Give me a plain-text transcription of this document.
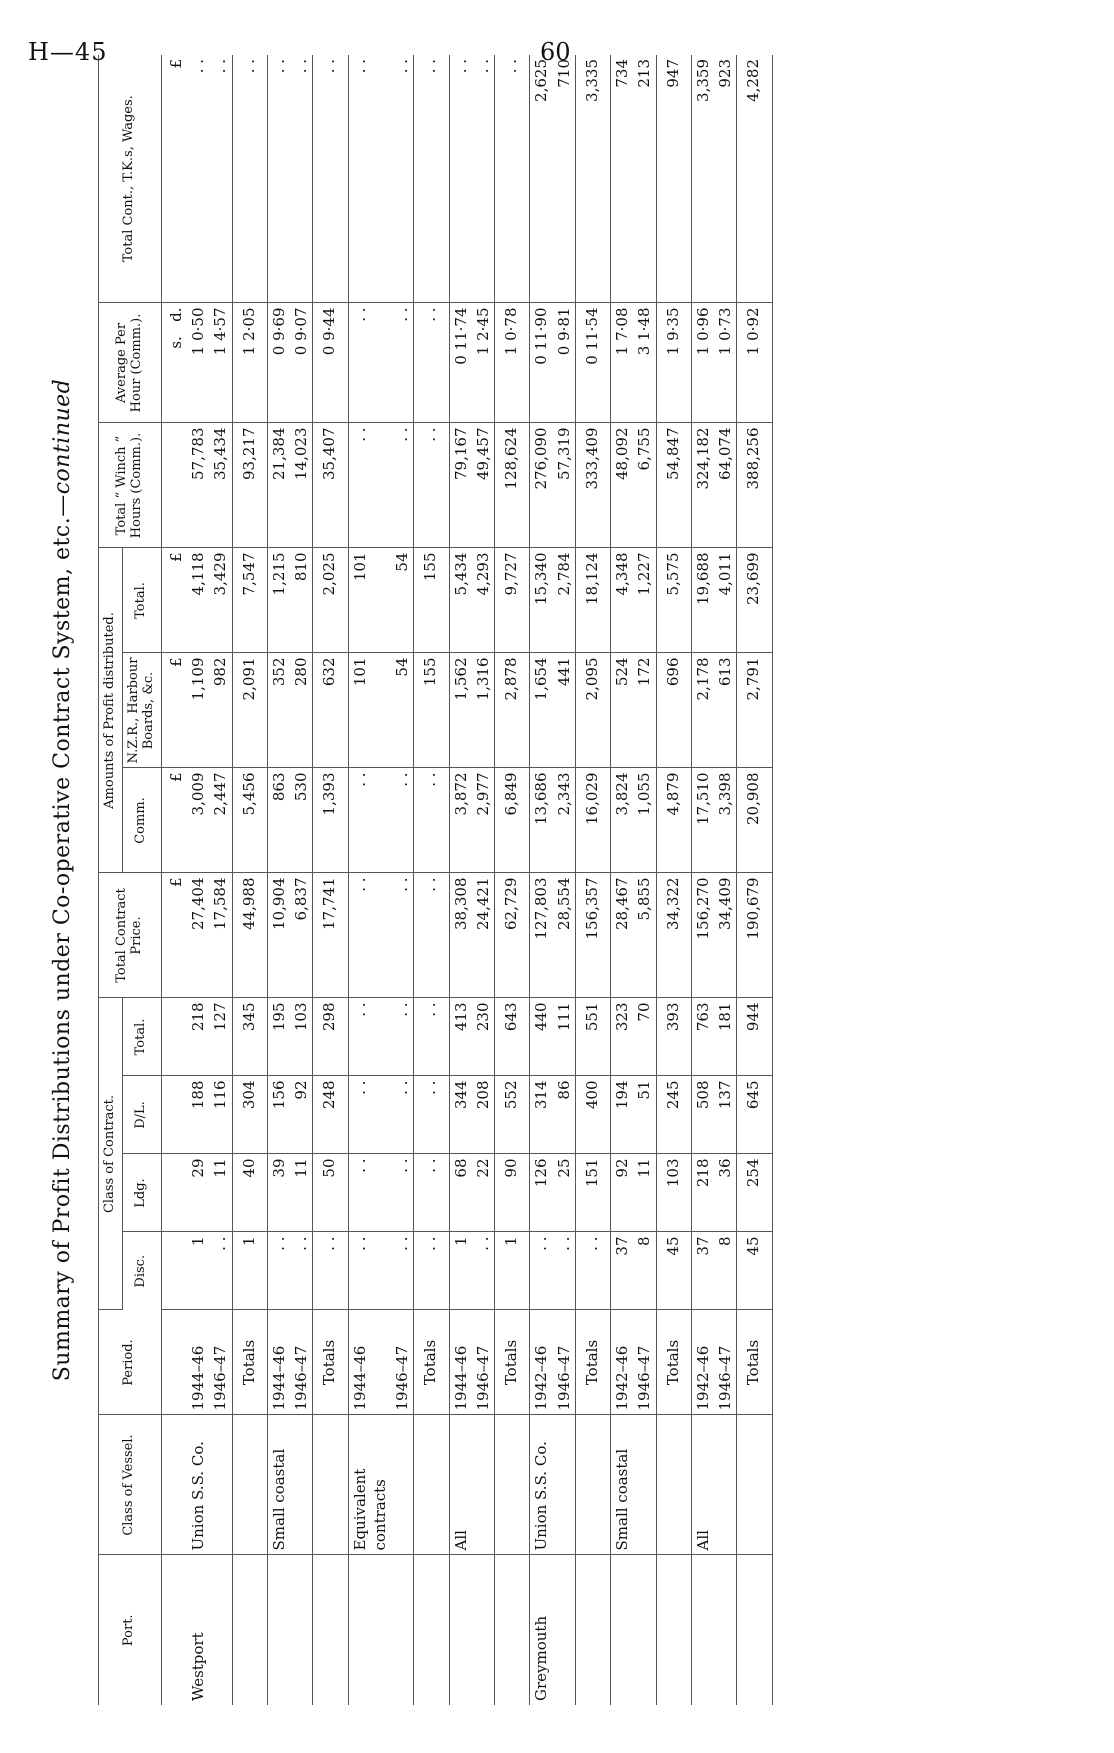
H—45	60
Summary of Profit Distributions under Co-operative Contract System, etc.—continued
Port.	Class of Vessel.	Period.	Class of Contract.				Total Contract Price.	Amounts of Profit distributed.			Total “ Winch ” Hours (Comm.).	Average Per Hour (Comm.).	Total Cont., T.K.s, Wages.
			Disc.	Ldg.	D/L.	Total.		Comm.	N.Z.R., Harbour Boards, &c.	Total.			
							£	£	£	£		s.   d.	£
Westport	Union S.S. Co.	1944–46	1	29	188	218	27,404	3,009	1,109	4,118	57,783	1 0·50	. .
		1946–47	. .	11	116	127	17,584	2,447	982	3,429	35,434	1 4·57	. .
		Totals	1	40	304	345	44,988	5,456	2,091	7,547	93,217	1 2·05	. .
	Small coastal	1944–46	. .	39	156	195	10,904	863	352	1,215	21,384	0 9·69	. .
		1946–47	. .	11	92	103	6,837	530	280	810	14,023	0 9·07	. .
		Totals	. .	50	248	298	17,741	1,393	632	2,025	35,407	0 9·44	. .
	Equivalent contracts	1944–46	. .	. .	. .	. .	. .	. .	101	101	. .	. .	. .
		1946–47	. .	. .	. .	. .	. .	. .	54	54	. .	. .	. .
		Totals	. .	. .	. .	. .	. .	. .	155	155	. .	. .	. .
	All	1944–46	1	68	344	413	38,308	3,872	1,562	5,434	79,167	0 11·74	. .
		1946–47	. .	22	208	230	24,421	2,977	1,316	4,293	49,457	1 2·45	. .
		Totals	1	90	552	643	62,729	6,849	2,878	9,727	128,624	1 0·78	. .
Greymouth	Union S.S. Co.	1942–46	. .	126	314	440	127,803	13,686	1,654	15,340	276,090	0 11·90	2,625
		1946–47	. .	25	86	111	28,554	2,343	441	2,784	57,319	0 9·81	710
		Totals	. .	151	400	551	156,357	16,029	2,095	18,124	333,409	0 11·54	3,335
	Small coastal	1942–46	37	92	194	323	28,467	3,824	524	4,348	48,092	1 7·08	734
		1946–47	8	11	51	70	5,855	1,055	172	1,227	6,755	3 1·48	213
		Totals	45	103	245	393	34,322	4,879	696	5,575	54,847	1 9·35	947
	All	1942–46	37	218	508	763	156,270	17,510	2,178	19,688	324,182	1 0·96	3,359
		1946–47	8	36	137	181	34,409	3,398	613	4,011	64,074	1 0·73	923
		Totals	45	254	645	944	190,679	20,908	2,791	23,699	388,256	1 0·92	4,282
